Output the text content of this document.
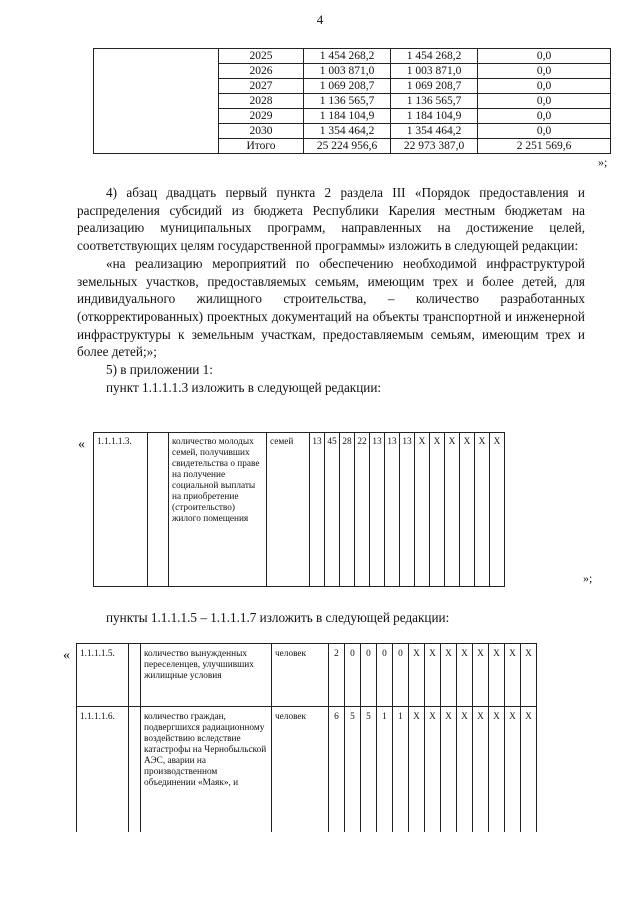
4
	2025	1 454 268,2	1 454 268,2	0,0
	2026	1 003 871,0	1 003 871,0	0,0
	2027	1 069 208,7	1 069 208,7	0,0
	2028	1 136 565,7	1 136 565,7	0,0
	2029	1 184 104,9	1 184 104,9	0,0
	2030	1 354 464,2	1 354 464,2	0,0
	Итого	25 224 956,6	22 973 387,0	2 251 569,6
»;

4) абзац двадцать первый пункта 2 раздела III «Порядок предоставления и распределения субсидий из бюджета Республики Карелия местным бюджетам на реализацию муниципальных программ, направленных на достижение целей, соответствующих целям государственной программы» изложить в следующей редакции:

«на реализацию мероприятий по обеспечению необходимой инфраструктурой земельных участков, предоставляемых семьям, имеющим трех и более детей, для индивидуального жилищного строительства, – количество разработанных (откорректированных) проектных документаций на объекты транспортной и инженерной инфраструктуры к земельным участкам, предоставляемым семьям, имеющим трех и более детей;»;

5) в приложении 1:

пункт 1.1.1.1.3 изложить в следующей редакции:

« 1.1.1.1.3.		количество молодых семей, получивших свидетельства о праве на получение социальной выплаты на приобретение (строительство) жилого помещения	семей	13	45	28	22	13	13	13	Х	Х	Х	Х	Х	Х
»;
пункты 1.1.1.1.5 – 1.1.1.1.7 изложить в следующей редакции:
« 1.1.1.1.5.		количество вынужденных переселенцев, улучшивших жилищные условия	человек	2	0	0	0	0	Х	Х	Х	Х	Х	Х	Х	Х
1.1.1.1.6.		количество граждан, подвергшихся радиационному воздействию вследствие катастрофы на Чернобыльской АЭС, аварии на производственном объединении «Маяк», и	человек	6	5	5	1	1	Х	Х	Х	Х	Х	Х	Х	Х
